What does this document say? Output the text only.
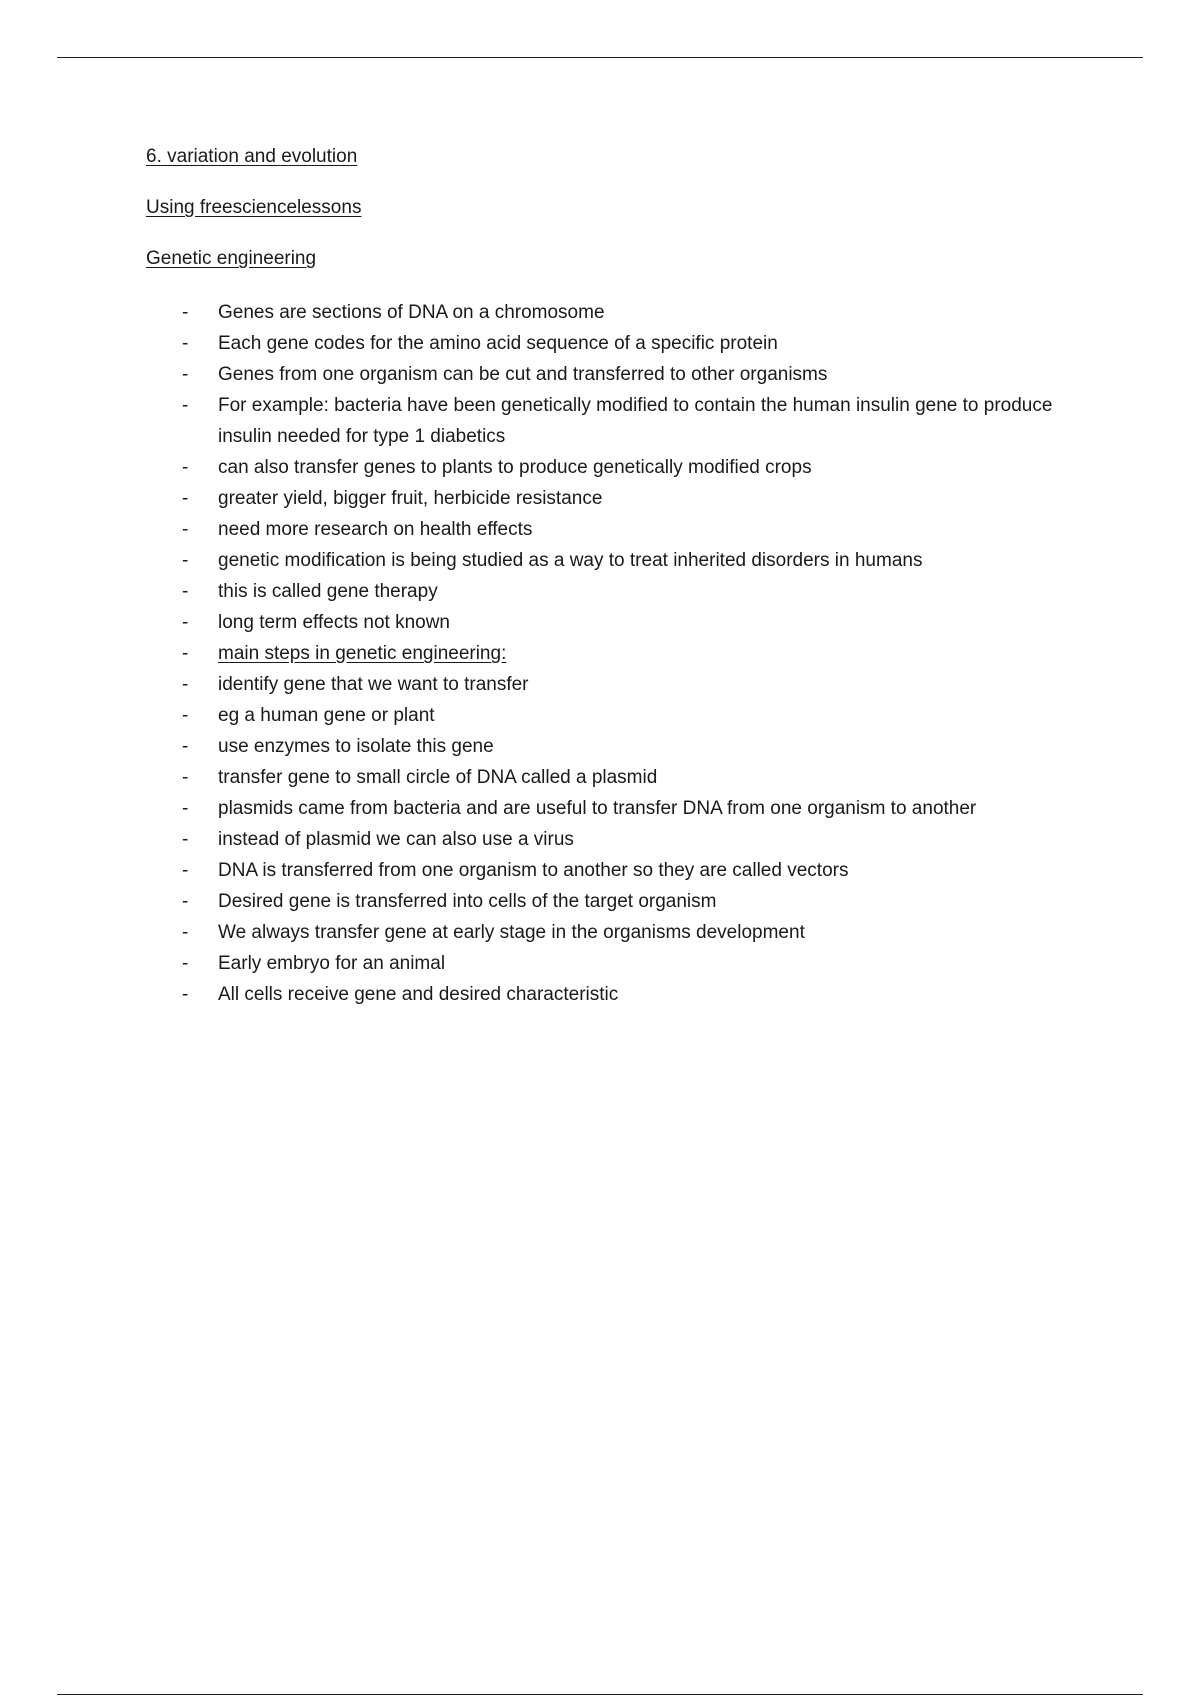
6. variation and evolution
Using freesciencelessons
Genetic engineering
- Genes are sections of DNA on a chromosome
- Each gene codes for the amino acid sequence of a specific protein
- Genes from one organism can be cut and transferred to other organisms
- For example: bacteria have been genetically modified to contain the human insulin gene to produce insulin needed for type 1 diabetics
- can also transfer genes to plants to produce genetically modified crops
- greater yield, bigger fruit, herbicide resistance
- need more research on health effects
- genetic modification is being studied as a way to treat inherited disorders in humans
- this is called gene therapy
- long term effects not known
- main steps in genetic engineering:
- identify gene that we want to transfer
- eg a human gene or plant
- use enzymes to isolate this gene
- transfer gene to small circle of DNA called a plasmid
- plasmids came from bacteria and are useful to transfer DNA from one organism to another
- instead of plasmid we can also use a virus
- DNA is transferred from one organism to another so they are called vectors
- Desired gene is transferred into cells of the target organism
- We always transfer gene at early stage in the organisms development
- Early embryo for an animal
- All cells receive gene and desired characteristic
